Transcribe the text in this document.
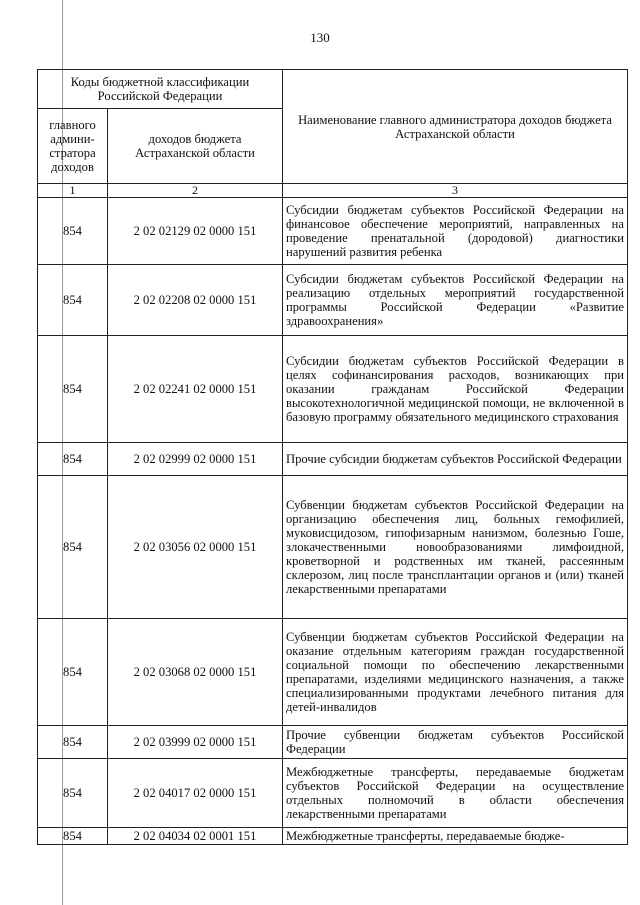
130
Коды бюджетной классификации Российской Федерации		Наименование главного администратора доходов бюджета Астраханской области
главного админи-стратора доходов	доходов бюджета Астраханской области	
1	2	3
854	2 02 02129 02 0000 151	Субсидии бюджетам субъектов Российской Федерации на финансовое обеспечение мероприятий, направленных на проведение пренатальной (дородовой) диагностики нарушений развития ребенка
854	2 02 02208 02 0000 151	Субсидии бюджетам субъектов Российской Федерации на реализацию отдельных мероприятий государственной программы Российской Федерации «Развитие здравоохранения»
854	2 02 02241 02 0000 151	Субсидии бюджетам субъектов Российской Федерации в целях софинансирования расходов, возникающих при оказании гражданам Российской Федерации высокотехнологичной медицинской помощи, не включенной в базовую программу обязательного медицинского страхования
854	2 02 02999 02 0000 151	Прочие субсидии бюджетам субъектов Российской Федерации
854	2 02 03056 02 0000 151	Субвенции бюджетам субъектов Российской Федерации на организацию обеспечения лиц, больных гемофилией, муковисцидозом, гипофизарным нанизмом, болезнью Гоше, злокачественными новообразованиями лимфоидной, кроветворной и родственных им тканей, рассеянным склерозом, лиц после трансплантации органов и (или) тканей лекарственными препаратами
854	2 02 03068 02 0000 151	Субвенции бюджетам субъектов Российской Федерации на оказание отдельным категориям граждан государственной социальной помощи по обеспечению лекарственными препаратами, изделиями медицинского назначения, а также специализированными продуктами лечебного питания для детей-инвалидов
854	2 02 03999 02 0000 151	Прочие субвенции бюджетам субъектов Российской Федерации
854	2 02 04017 02 0000 151	Межбюджетные трансферты, передаваемые бюджетам субъектов Российской Федерации на осуществление отдельных полномочий в области обеспечения лекарственными препаратами
854	2 02 04034 02 0001 151	Межбюджетные трансферты, передаваемые бюдже-
